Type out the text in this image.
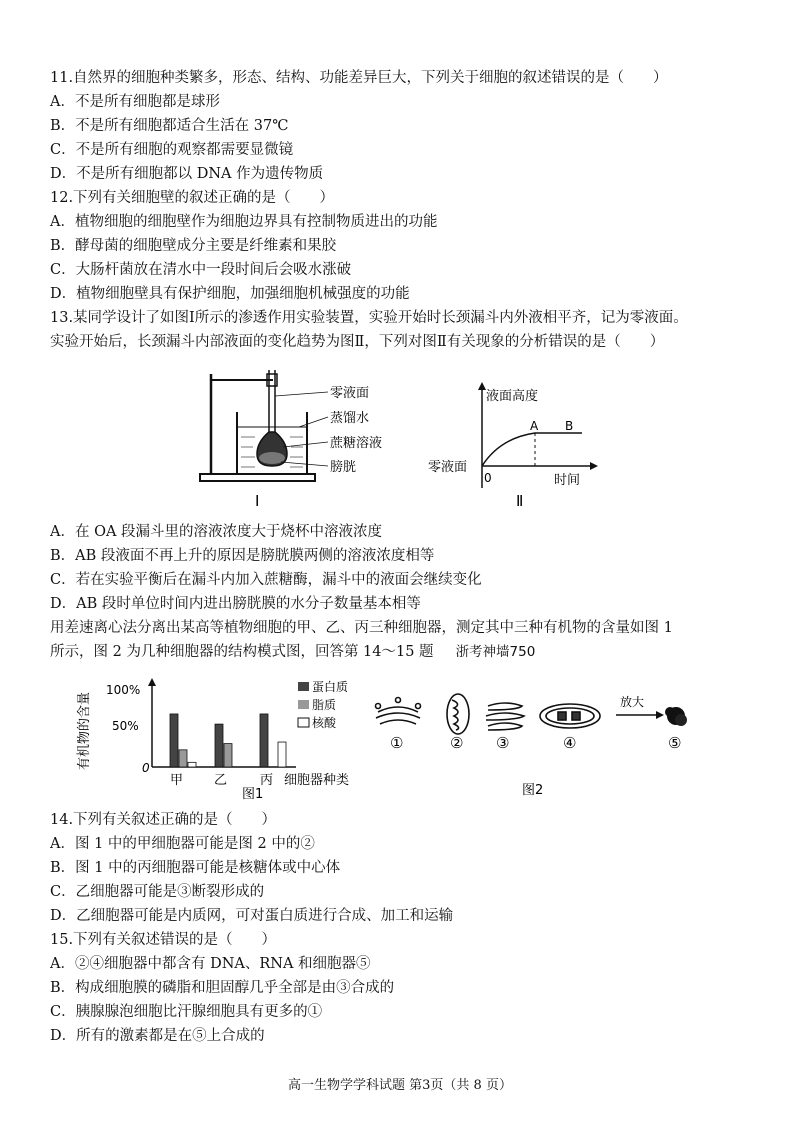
11.自然界的细胞种类繁多，形态、结构、功能差异巨大，下列关于细胞的叙述错误的是（　　）
A．不是所有细胞都是球形
B．不是所有细胞都适合生活在 37℃
C．不是所有细胞的观察都需要显微镜
D．不是所有细胞都以 DNA 作为遗传物质
12.下列有关细胞壁的叙述正确的是（　　）
A．植物细胞的细胞壁作为细胞边界具有控制物质进出的功能
B．酵母菌的细胞壁成分主要是纤维素和果胶
C．大肠杆菌放在清水中一段时间后会吸水涨破
D．植物细胞壁具有保护细胞，加强细胞机械强度的功能
13.某同学设计了如图Ⅰ所示的渗透作用实验装置，实验开始时长颈漏斗内外液相平齐，记为零液面。
实验开始后，长颈漏斗内部液面的变化趋势为图Ⅱ，下列对图Ⅱ有关现象的分析错误的是（　　）
零液面
蒸馏水
蔗糖溶液
膀胱
Ⅰ
液面高度
A B
零液面
0	时间
Ⅱ
A．在 OA 段漏斗里的溶液浓度大于烧杯中溶液浓度
B．AB 段液面不再上升的原因是膀胱膜两侧的溶液浓度相等
C．若在实验平衡后在漏斗内加入蔗糖酶，漏斗中的液面会继续变化
D．AB 段时单位时间内进出膀胱膜的水分子数量基本相等
用差速离心法分离出某高等植物细胞的甲、乙、丙三种细胞器，测定其中三种有机物的含量如图 1
所示，图 2 为几种细胞器的结构模式图，回答第 14～15 题 浙考神墙750
有机物的含量
100%
50%
0
甲 乙	丙 细胞器种类
蛋白质
脂质
核酸
图1
①	② ③	④
放大
⑤
图2
14.下列有关叙述正确的是（　　）
A．图 1 中的甲细胞器可能是图 2 中的②
B．图 1 中的丙细胞器可能是核糖体或中心体
C．乙细胞器可能是③断裂形成的
D．乙细胞器可能是内质网，可对蛋白质进行合成、加工和运输
15.下列有关叙述错误的是（　　）
A．②④细胞器中都含有 DNA、RNA 和细胞器⑤
B．构成细胞膜的磷脂和胆固醇几乎全部是由③合成的
C．胰腺腺泡细胞比汗腺细胞具有更多的①
D．所有的激素都是在⑤上合成的
高一生物学学科试题 第3页（共 8 页）
